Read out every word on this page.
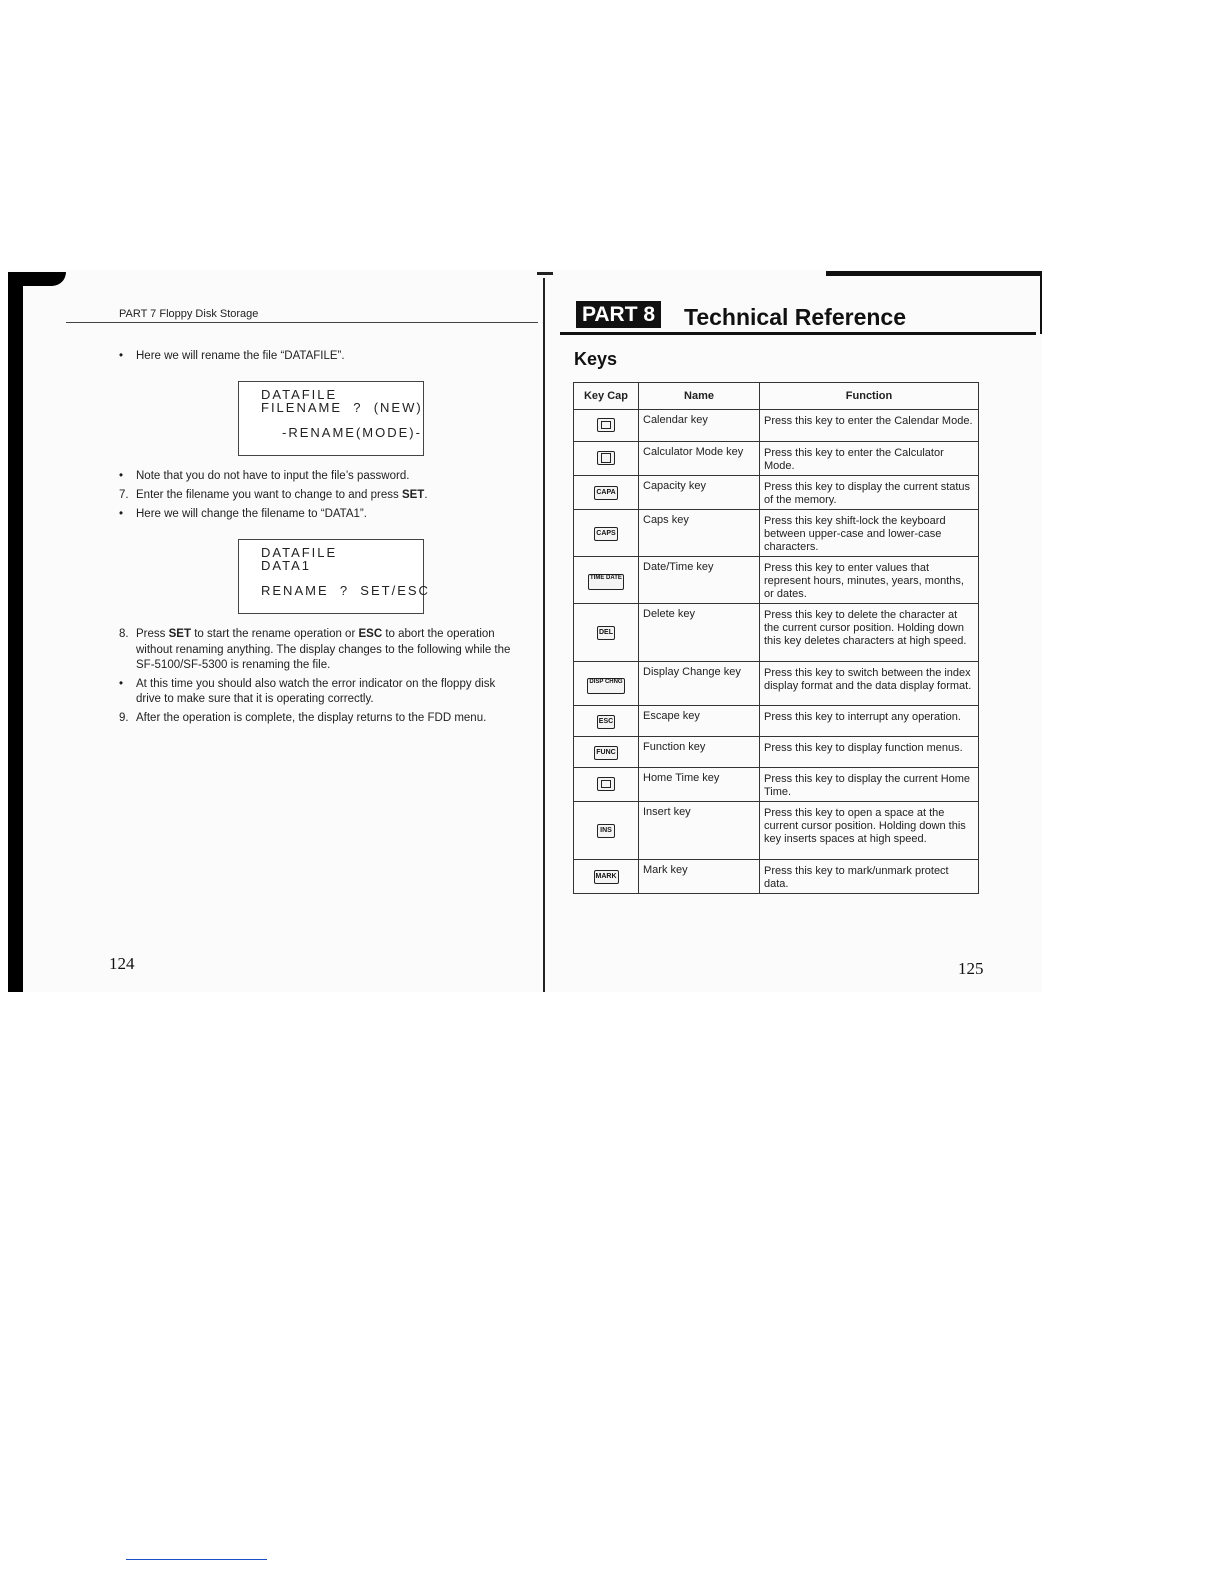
PART 7 Floppy Disk Storage
• Here we will rename the file “DATAFILE”.
DATAFILE
FILENAME  ?  (NEW)
-RENAME(MODE)-
• Note that you do not have to input the file’s password.
7. Enter the filename you want to change to and press SET.
• Here we will change the filename to “DATA1”.
DATAFILE
DATA1
RENAME  ?  SET/ESC
8. Press SET to start the rename operation or ESC to abort the operation
without renaming anything. The display changes to the following while the
SF-5100/SF-5300 is renaming the file.
• At this time you should also watch the error indicator on the floppy disk
drive to make sure that it is operating correctly.
9. After the operation is complete, the display returns to the FDD menu.
124
PART 8 Technical Reference
Keys
Key Cap	Name	Function
	Calendar key	Press this key to enter the Calendar Mode.
	Calculator Mode key	Press this key to enter the Calculator Mode.
CAPA	Capacity key	Press this key to display the current status of the memory.
CAPS	Caps key	Press this key shift-lock the keyboard between upper-case and lower-case characters.
TIME DATE	Date/Time key	Press this key to enter values that represent hours, minutes, years, months, or dates.
DEL	Delete key	Press this key to delete the character at the current cursor position. Holding down this key deletes characters at high speed.
DISP CHNG	Display Change key	Press this key to switch between the index display format and the data display format.
ESC	Escape key	Press this key to interrupt any operation.
FUNC	Function key	Press this key to display function menus.
	Home Time key	Press this key to display the current Home Time.
INS	Insert key	Press this key to open a space at the current cursor position. Holding down this key inserts spaces at high speed.
MARK	Mark key	Press this key to mark/unmark protect data.
125
